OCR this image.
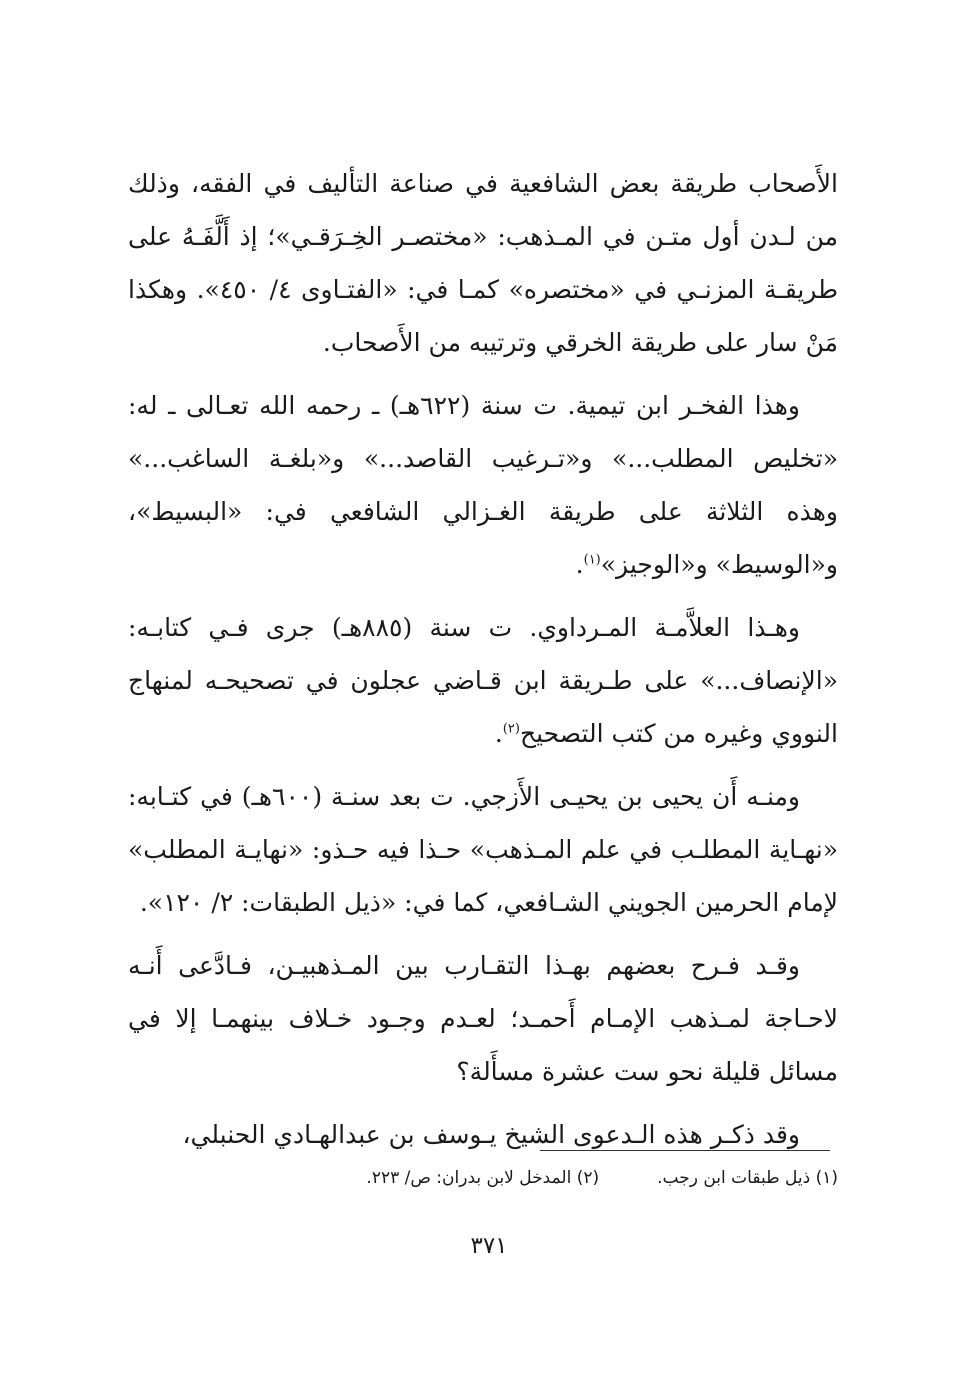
الأَصحاب طريقة بعض الشافعية في صناعة التأليف في الفقه، وذلك من لـدن أول متـن في المـذهب: «مختصـر الخِـرَقـي»؛ إذ أَلَّفَـهُ على طريقـة المزنـي في «مختصره» كمـا في: «الفتـاوى ٤/ ٤٥٠». وهكذا مَنْ سار على طريقة الخرقي وترتيبه من الأَصحاب.

وهذا الفخـر ابن تيمية. ت سنة (٦٢٢هـ) ـ رحمه الله تعـالى ـ له: «تخليص المطلب...» و«تـرغيب القاصد...» و«بلغـة الساغب...» وهذه الثلاثة على طريقة الغـزالي الشافعي في: «البسيط»، و«الوسيط» و«الوجيز»$^{(١)}$.

وهـذا العلاَّمـة المـرداوي. ت سنة (٨٨٥هـ) جرى فـي كتابـه: «الإنصاف...» على طـريقة ابن قـاضي عجلون في تصحيحـه لمنهاج النووي وغيره من كتب التصحيح$^{(٢)}$.

ومنـه أَن يحيى بن يحيـى الأَزجي. ت بعد سنـة (٦٠٠هـ) في كتـابه: «نهـاية المطلـب في علم المـذهب» حـذا فيه حـذو: «نهايـة المطلب» لإمام الحرمين الجويني الشـافعي، كما في: «ذيل الطبقات: ٢/ ١٢٠».

وقـد فـرح بعضهم بهـذا التقـارب بين المـذهبيـن، فـادَّعى أَنـه لاحـاجة لمـذهب الإمـام أَحمـد؛ لعـدم وجـود خـلاف بينهمـا إلا في مسائل قليلة نحو ست عشرة مسأَلة؟

وقد ذكـر هذه الـدعوى الشيخ يـوسف بن عبدالهـادي الحنبلي،

(١) ذيل طبقات ابن رجب.(٢) المدخل لابن بدران: ص/ ٢٢٣.
٣٧١
